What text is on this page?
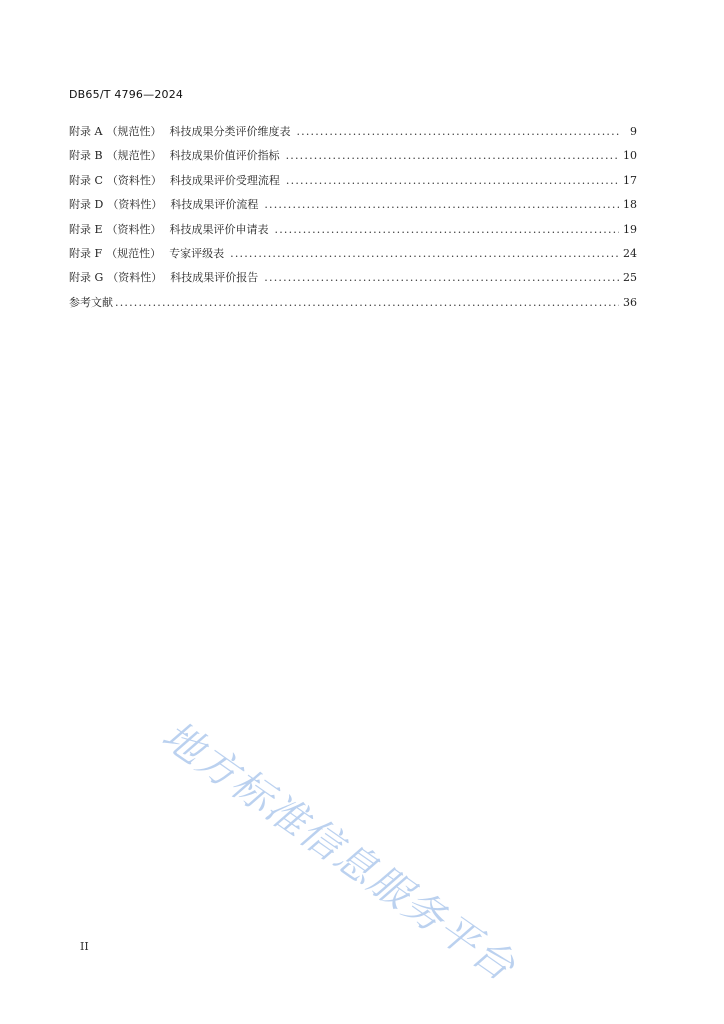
DB65/T 4796—2024
附录 A （规范性） 科技成果分类评价维度表 .....	9
附录 B （规范性） 科技成果价值评价指标 .....	10
附录 C （资料性） 科技成果评价受理流程 .....	17
附录 D （资料性） 科技成果评价流程 .....	18
附录 E （资料性） 科技成果评价申请表 .....	19
附录 F （规范性） 专家评级表 .....	24
附录 G （资料性） 科技成果评价报告 .....	25
参考文献 .....	36
地方标准信息服务平台
II
